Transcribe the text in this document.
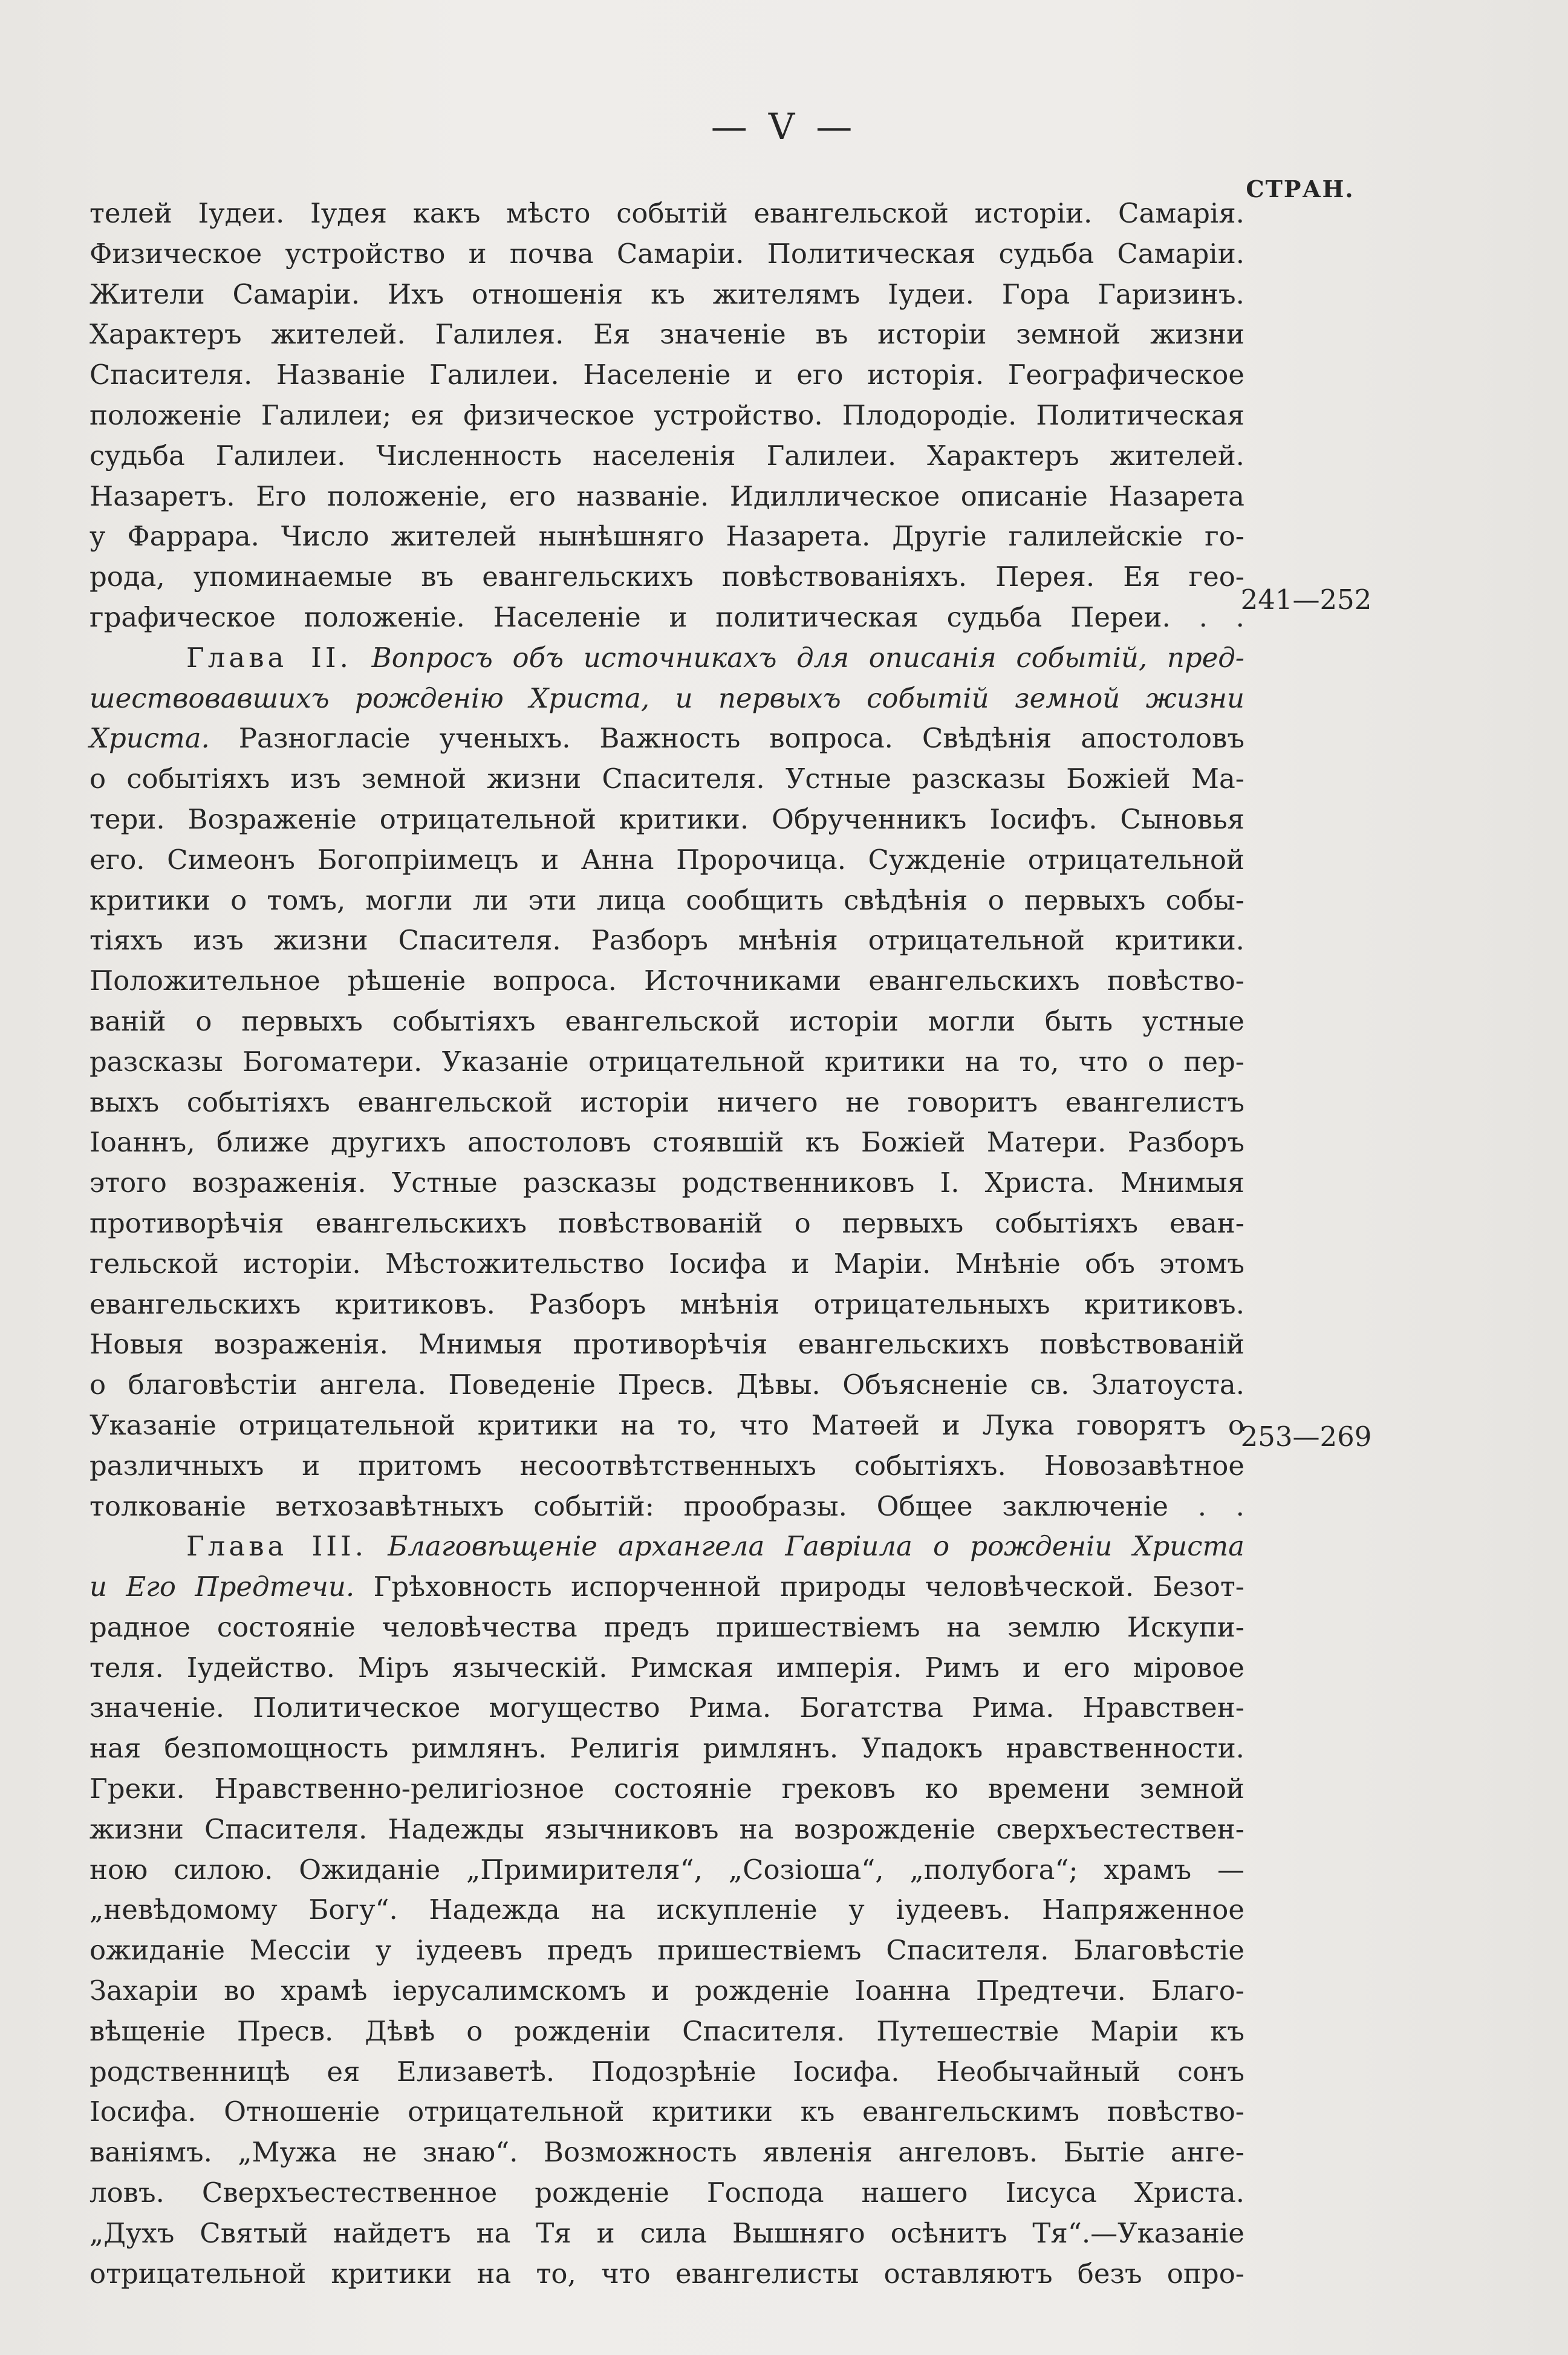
— V —
СТРАН.
телей Іудеи. Іудея какъ мѣсто событій евангельской исторіи. Самарія.
Физическое устройство и почва Самаріи. Политическая судьба Самаріи.
Жители Самаріи. Ихъ отношенія къ жителямъ Іудеи. Гора Гаризинъ.
Характеръ жителей. Галилея. Ея значеніе въ исторіи земной жизни
Спасителя. Названіе Галилеи. Населеніе и его исторія. Географическое
положеніе Галилеи; ея физическое устройство. Плодородіе. Политическая
судьба Галилеи. Численность населенія Галилеи. Характеръ жителей.
Назаретъ. Его положеніе, его названіе. Идиллическое описаніе Назарета
у Фаррара. Число жителей нынѣшняго Назарета. Другіе галилейскіе го-
рода, упоминаемые въ евангельскихъ повѣствованіяхъ. Перея. Ея гео-
графическое положеніе. Населеніе и политическая судьба Переи. . .
Глава II. Вопросъ объ источникахъ для описанія событій, пред-
шествовавшихъ рожденію Христа, и первыхъ событій земной жизни
Христа. Разногласіе ученыхъ. Важность вопроса. Свѣдѣнія апостоловъ
о событіяхъ изъ земной жизни Спасителя. Устные разсказы Божіей Ма-
тери. Возраженіе отрицательной критики. Обрученникъ Іосифъ. Сыновья
его. Симеонъ Богопріимецъ и Анна Пророчица. Сужденіе отрицательной
критики о томъ, могли ли эти лица сообщить свѣдѣнія о первыхъ собы-
тіяхъ изъ жизни Спасителя. Разборъ мнѣнія отрицательной критики.
Положительное рѣшеніе вопроса. Источниками евангельскихъ повѣство-
ваній о первыхъ событіяхъ евангельской исторіи могли быть устные
разсказы Богоматери. Указаніе отрицательной критики на то, что о пер-
выхъ событіяхъ евангельской исторіи ничего не говоритъ евангелистъ
Іоаннъ, ближе другихъ апостоловъ стоявшій къ Божіей Матери. Разборъ
этого возраженія. Устные разсказы родственниковъ І. Христа. Мнимыя
противорѣчія евангельскихъ повѣствованій о первыхъ событіяхъ еван-
гельской исторіи. Мѣстожительство Іосифа и Маріи. Мнѣніе объ этомъ
евангельскихъ критиковъ. Разборъ мнѣнія отрицательныхъ критиковъ.
Новыя возраженія. Мнимыя противорѣчія евангельскихъ повѣствованій
о благовѣстіи ангела. Поведеніе Пресв. Дѣвы. Объясненіе св. Златоуста.
Указаніе отрицательной критики на то, что Матѳей и Лука говорятъ о
различныхъ и притомъ несоотвѣтственныхъ событіяхъ. Новозавѣтное
толкованіе ветхозавѣтныхъ событій: прообразы. Общее заключеніе . .
Глава III. Благовѣщеніе архангела Гавріила о рожденіи Христа
и Его Предтечи. Грѣховность испорченной природы человѣческой. Безот-
радное состояніе человѣчества предъ пришествіемъ на землю Искупи-
теля. Іудейство. Міръ языческій. Римская имперія. Римъ и его міровое
значеніе. Политическое могущество Рима. Богатства Рима. Нравствен-
ная безпомощность римлянъ. Религія римлянъ. Упадокъ нравственности.
Греки. Нравственно-религіозное состояніе грековъ ко времени земной
жизни Спасителя. Надежды язычниковъ на возрожденіе сверхъестествен-
ною силою. Ожиданіе „Примирителя“, „Созіоша“, „полубога“; храмъ —
„невѣдомому Богу“. Надежда на искупленіе у іудеевъ. Напряженное
ожиданіе Мессіи у іудеевъ предъ пришествіемъ Спасителя. Благовѣстіе
Захаріи во храмѣ іерусалимскомъ и рожденіе Іоанна Предтечи. Благо-
вѣщеніе Пресв. Дѣвѣ о рожденіи Спасителя. Путешествіе Маріи къ
родственницѣ ея Елизаветѣ. Подозрѣніе Іосифа. Необычайный сонъ
Іосифа. Отношеніе отрицательной критики къ евангельскимъ повѣство-
ваніямъ. „Мужа не знаю“. Возможность явленія ангеловъ. Бытіе анге-
ловъ. Сверхъестественное рожденіе Господа нашего Іисуса Христа.
„Духъ Святый найдетъ на Тя и сила Вышняго осѣнитъ Тя“.—Указаніе
отрицательной критики на то, что евангелисты оставляютъ безъ опро-
241—252
253—269
